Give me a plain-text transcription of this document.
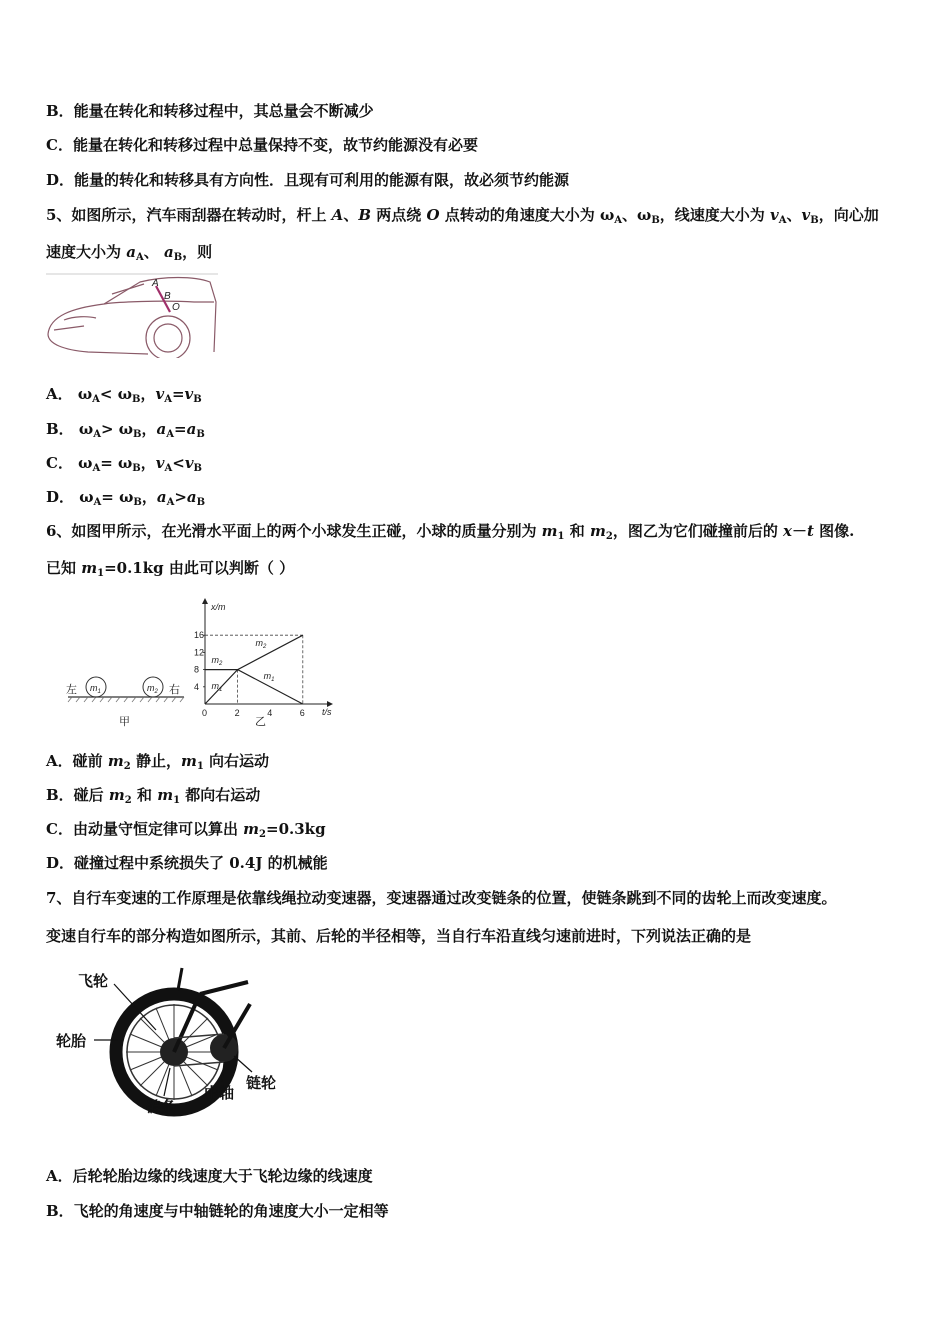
B．能量在转化和转移过程中，其总量会不断减少
C．能量在转化和转移过程中总量保持不变，故节约能源没有必要
D．能量的转化和转移具有方向性．且现有可利用的能源有限，故必须节约能源
5、如图所示，汽车雨刮器在转动时，杆上 A、B 两点绕 O 点转动的角速度大小为 $\omega_A$、$\omega_B$，线速度大小为 $v_A$、$v_B$，向心加
速度大小为 $a_A$、 $a_B$，则
A
B
O
A． $\omega_A< \omega_B$，$v_A=v_B$
B． $\omega_A> \omega_B$，$a_A=a_B$
C． $\omega_A= \omega_B$，$v_A<v_B$
D． $\omega_A= \omega_B$，$a_A>a_B$
6、如图甲所示，在光滑水平面上的两个小球发生正碰，小球的质量分别为 $m_1$ 和 $m_2$，图乙为它们碰撞前后的 x－t 图像.
已知 $m_1=0.1kg$ 由此可以判断（ ）
$m_1$	$m_2$
左	右
甲
x/m
t/s
16
12
8
4
0	2	4	6
$m_2$
$m_1$
$m_2$
$m_1$
乙
A．碰前 $m_2$ 静止，$m_1$ 向右运动
B．碰后 $m_2$ 和 $m_1$ 都向右运动
C．由动量守恒定律可以算出 $m_2=0.3kg$
D．碰撞过程中系统损失了 0.4J 的机械能
7、自行车变速的工作原理是依靠线绳拉动变速器，变速器通过改变链条的位置，使链条跳到不同的齿轮上而改变速度。
变速自行车的部分构造如图所示，其前、后轮的半径相等，当自行车沿直线匀速前进时，下列说法正确的是
飞轮
轮胎
链条
中轴
链轮
A．后轮轮胎边缘的线速度大于飞轮边缘的线速度
B．飞轮的角速度与中轴链轮的角速度大小一定相等
